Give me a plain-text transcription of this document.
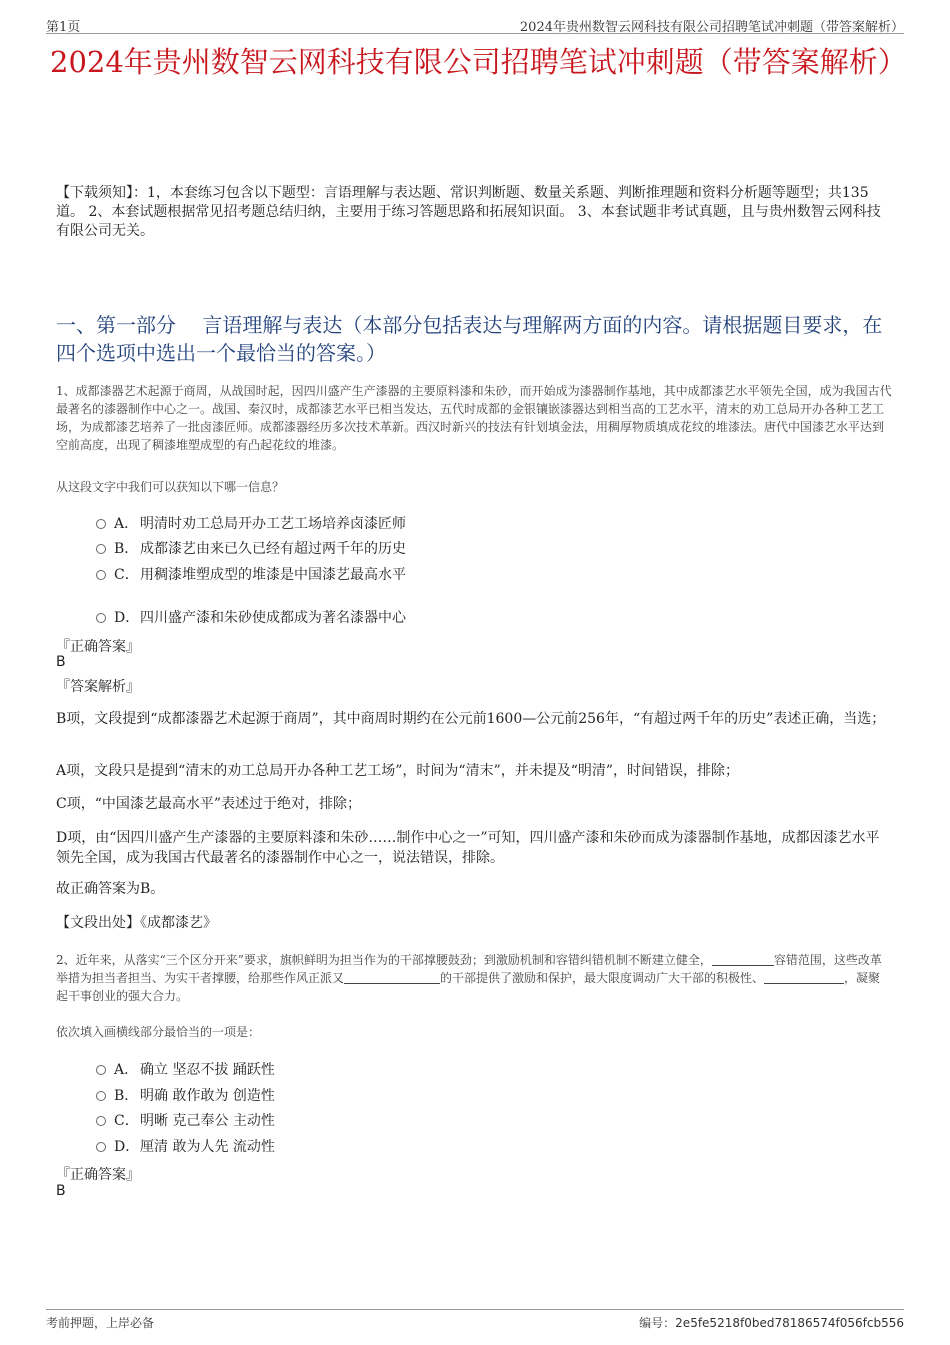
第1页	2024年贵州数智云网科技有限公司招聘笔试冲刺题（带答案解析）
2024年贵州数智云网科技有限公司招聘笔试冲刺题（带答案解析）
【下载须知】：1，本套练习包含以下题型：言语理解与表达题、常识判断题、数量关系题、判断推理题和资料分析题等题型；共135道。 2、本套试题根据常见招考题总结归纳，主要用于练习答题思路和拓展知识面。 3、本套试题非考试真题，且与贵州数智云网科技有限公司无关。
一、第一部分　 言语理解与表达（本部分包括表达与理解两方面的内容。请根据题目要求，在四个选项中选出一个最恰当的答案。）
1、成都漆器艺术起源于商周，从战国时起，因四川盛产生产漆器的主要原料漆和朱砂，而开始成为漆器制作基地，其中成都漆艺水平领先全国，成为我国古代最著名的漆器制作中心之一。战国、秦汉时，成都漆艺水平已相当发达，五代时成都的金银镶嵌漆器达到相当高的工艺水平，清末的劝工总局开办各种工艺工场，为成都漆艺培养了一批卤漆匠师。成都漆器经历多次技术革新。西汉时新兴的技法有针划填金法，用稠厚物质填成花纹的堆漆法。唐代中国漆艺水平达到空前高度，出现了稠漆堆塑成型的有凸起花纹的堆漆。
从这段文字中我们可以获知以下哪一信息？
A． 明清时劝工总局开办工艺工场培养卤漆匠师
B． 成都漆艺由来已久已经有超过两千年的历史
C．用稠漆堆塑成型的堆漆是中国漆艺最高水平
D．四川盛产漆和朱砂使成都成为著名漆器中心
『正确答案』
B
『答案解析』
B项，文段提到“成都漆器艺术起源于商周”，其中商周时期约在公元前1600—公元前256年，“有超过两千年的历史”表述正确，当选；
A项，文段只是提到“清末的劝工总局开办各种工艺工场”，时间为“清末”，并未提及“明清”，时间错误，排除；
C项，“中国漆艺最高水平”表述过于绝对，排除；
D项，由“因四川盛产生产漆器的主要原料漆和朱砂……制作中心之一”可知，四川盛产漆和朱砂而成为漆器制作基地，成都因漆艺水平领先全国，成为我国古代最著名的漆器制作中心之一，说法错误，排除。
故正确答案为B。
【文段出处】《成都漆艺》
2、近年来，从落实“三个区分开来”要求，旗帜鲜明为担当作为的干部撑腰鼓劲；到激励机制和容错纠错机制不断建立健全，	容错范围，这些改革举措为担当者担当、为实干者撑腰，给那些作风正派又	的干部提供了激励和保护，最大限度调动广大干部的积极性、	，凝聚起干事创业的强大合力。
依次填入画横线部分最恰当的一项是：
A． 确立 坚忍不拔 踊跃性
B． 明确 敢作敢为 创造性
C．明晰 克己奉公 主动性
D．厘清 敢为人先 流动性
『正确答案』
B
考前押题，上岸必备	编号：2e5fe5218f0bed78186574f056fcb556
